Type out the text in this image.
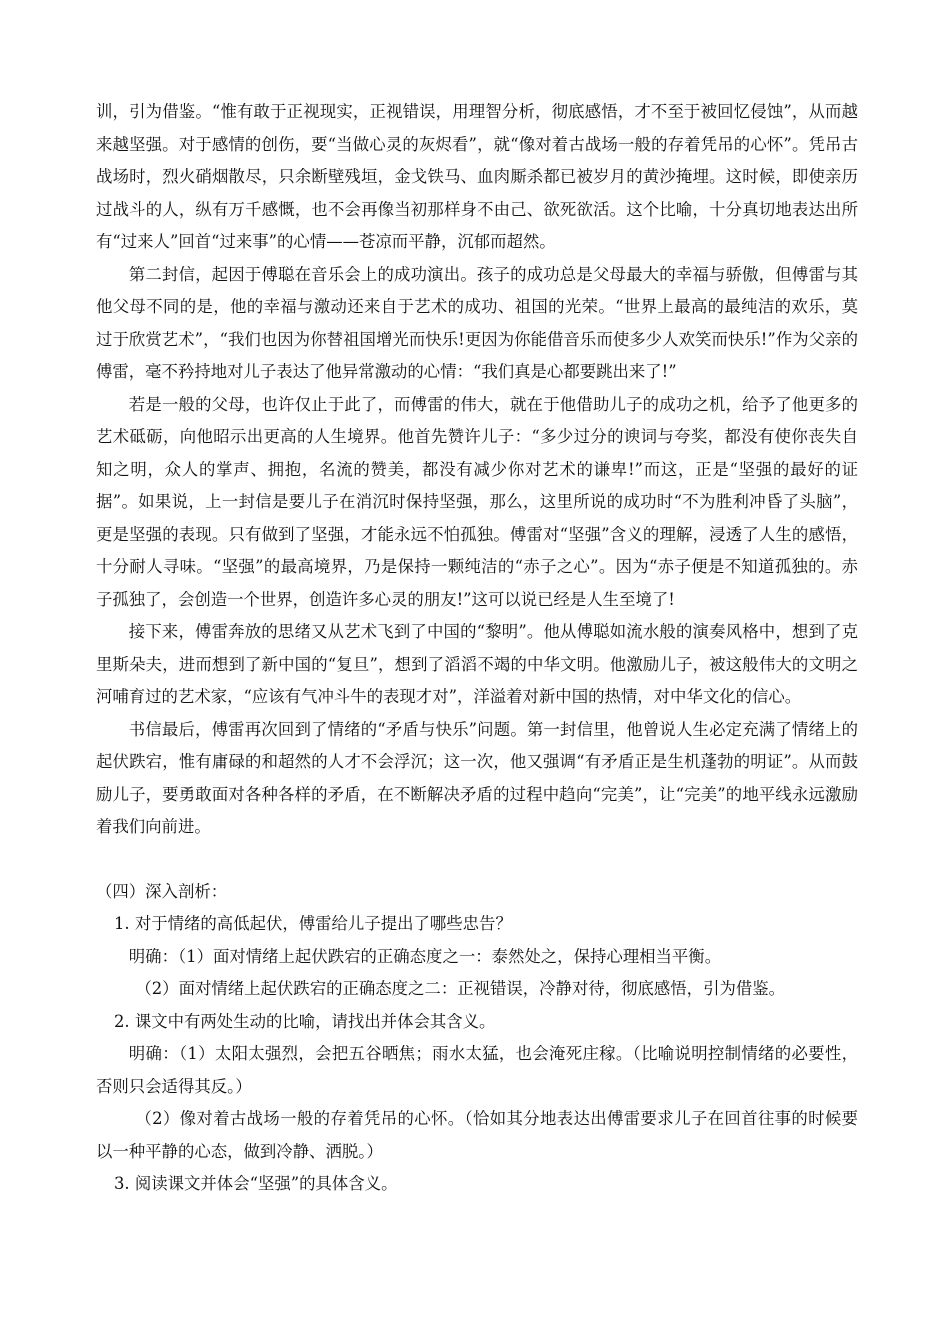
训，引为借鉴。“惟有敢于正视现实，正视错误，用理智分析，彻底感悟，才不至于被回忆侵蚀”，从而越来越坚强。对于感情的创伤，要“当做心灵的灰烬看”，就“像对着古战场一般的存着凭吊的心怀”。凭吊古战场时，烈火硝烟散尽，只余断壁残垣，金戈铁马、血肉厮杀都已被岁月的黄沙掩埋。这时候，即使亲历过战斗的人，纵有万千感慨，也不会再像当初那样身不由己、欲死欲活。这个比喻，十分真切地表达出所有“过来人”回首“过来事”的心情——苍凉而平静，沉郁而超然。

第二封信，起因于傅聪在音乐会上的成功演出。孩子的成功总是父母最大的幸福与骄傲，但傅雷与其他父母不同的是，他的幸福与激动还来自于艺术的成功、祖国的光荣。“世界上最高的最纯洁的欢乐，莫过于欣赏艺术”，“我们也因为你替祖国增光而快乐!更因为你能借音乐而使多少人欢笑而快乐!”作为父亲的傅雷，毫不矜持地对儿子表达了他异常激动的心情：“我们真是心都要跳出来了!”

若是一般的父母，也许仅止于此了，而傅雷的伟大，就在于他借助儿子的成功之机，给予了他更多的艺术砥砺，向他昭示出更高的人生境界。他首先赞许儿子：“多少过分的谀词与夸奖，都没有使你丧失自知之明，众人的掌声、拥抱，名流的赞美，都没有减少你对艺术的谦卑!”而这，正是“坚强的最好的证据”。如果说，上一封信是要儿子在消沉时保持坚强，那么，这里所说的成功时“不为胜利冲昏了头脑”，更是坚强的表现。只有做到了坚强，才能永远不怕孤独。傅雷对“坚强”含义的理解，浸透了人生的感悟，十分耐人寻味。“坚强”的最高境界，乃是保持一颗纯洁的“赤子之心”。因为“赤子便是不知道孤独的。赤子孤独了，会创造一个世界，创造许多心灵的朋友!”这可以说已经是人生至境了!

接下来，傅雷奔放的思绪又从艺术飞到了中国的“黎明”。他从傅聪如流水般的演奏风格中，想到了克里斯朵夫，进而想到了新中国的“复旦”，想到了滔滔不竭的中华文明。他激励儿子，被这般伟大的文明之河哺育过的艺术家，“应该有气冲斗牛的表现才对”，洋溢着对新中国的热情，对中华文化的信心。

书信最后，傅雷再次回到了情绪的“矛盾与快乐”问题。第一封信里，他曾说人生必定充满了情绪上的起伏跌宕，惟有庸碌的和超然的人才不会浮沉；这一次，他又强调“有矛盾正是生机蓬勃的明证”。从而鼓励儿子，要勇敢面对各种各样的矛盾，在不断解决矛盾的过程中趋向“完美”，让“完美”的地平线永远激励着我们向前进。

（四）深入剖析：

1. 对于情绪的高低起伏，傅雷给儿子提出了哪些忠告？

明确：（1）面对情绪上起伏跌宕的正确态度之一：泰然处之，保持心理相当平衡。

（2）面对情绪上起伏跌宕的正确态度之二：正视错误，冷静对待，彻底感悟，引为借鉴。

2. 课文中有两处生动的比喻，请找出并体会其含义。

明确：（1）太阳太强烈，会把五谷晒焦；雨水太猛，也会淹死庄稼。（比喻说明控制情绪的必要性，否则只会适得其反。）

（2）像对着古战场一般的存着凭吊的心怀。（恰如其分地表达出傅雷要求儿子在回首往事的时候要以一种平静的心态，做到冷静、洒脱。）

3. 阅读课文并体会“坚强”的具体含义。
